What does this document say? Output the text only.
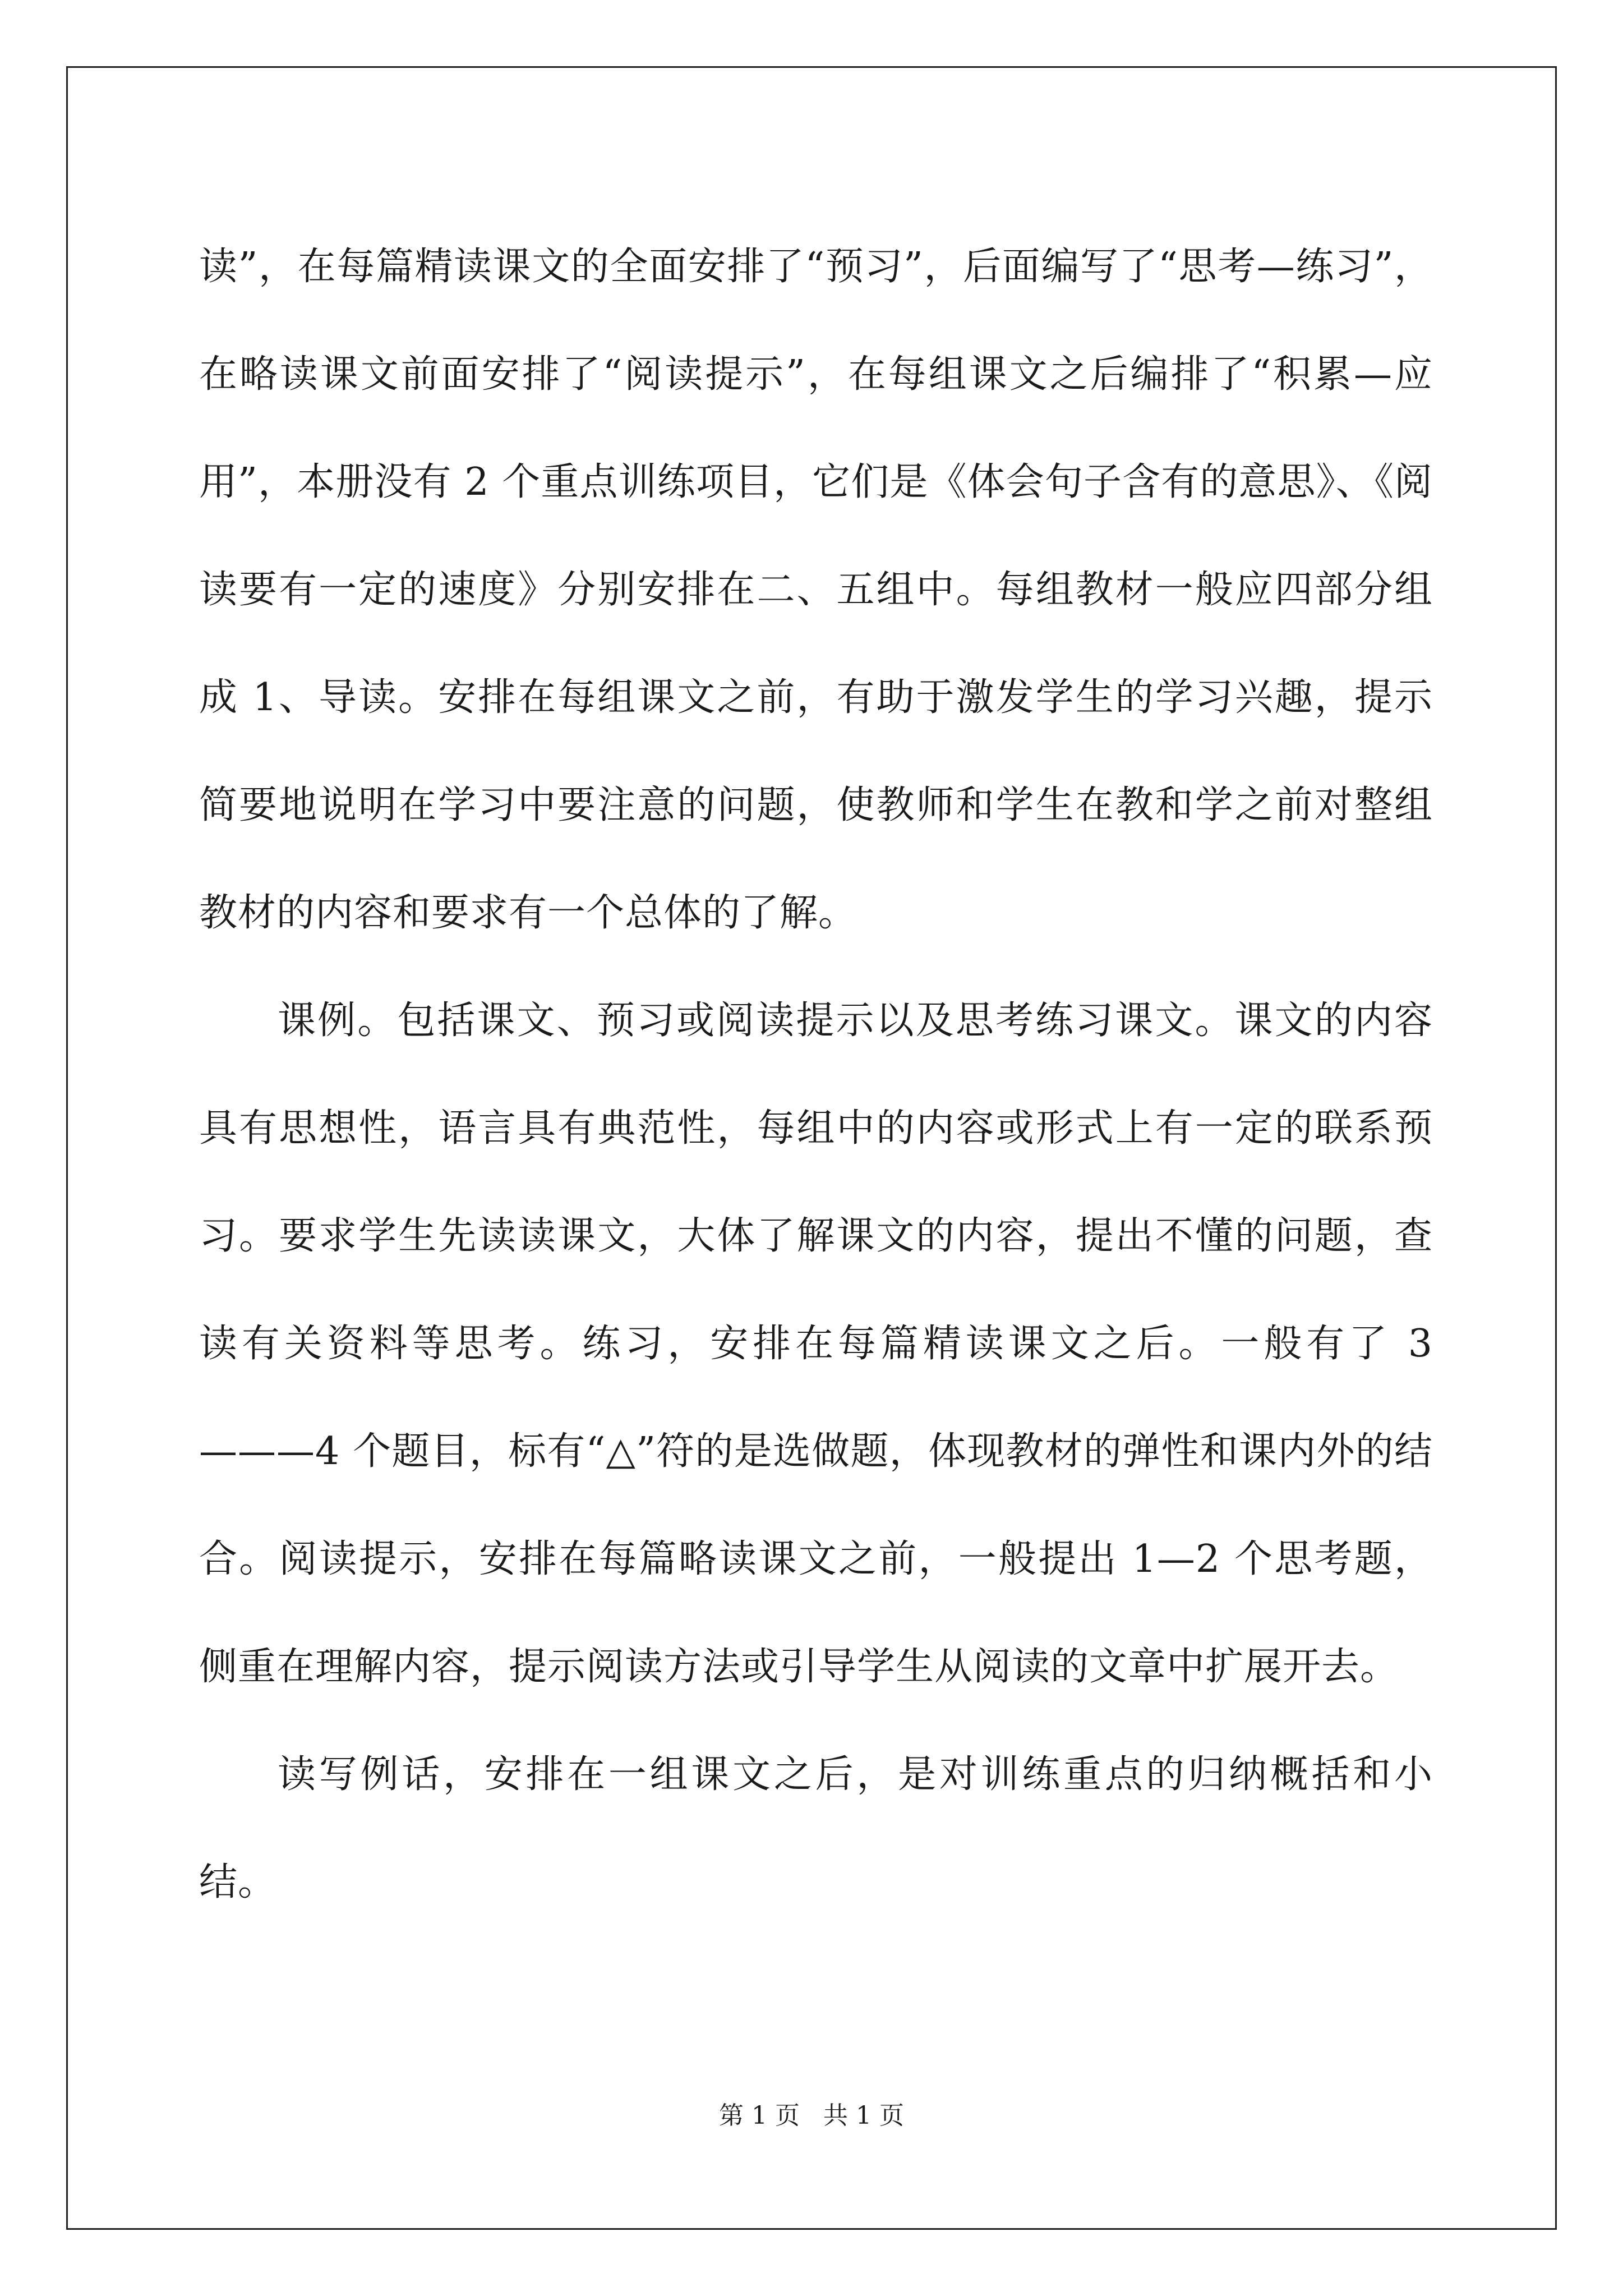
读”，在每篇精读课文的全面安排了“预习”，后面编写了“思考—练习”，在略读课文前面安排了“阅读提示”，在每组课文之后编排了“积累—应用”，本册没有 2 个重点训练项目，它们是《体会句子含有的意思》、《阅读要有一定的速度》分别安排在二、五组中。每组教材一般应四部分组成 1、导读。安排在每组课文之前，有助于激发学生的学习兴趣，提示简要地说明在学习中要注意的问题，使教师和学生在教和学之前对整组教材的内容和要求有一个总体的了解。

课例。包括课文、预习或阅读提示以及思考练习课文。课文的内容具有思想性，语言具有典范性，每组中的内容或形式上有一定的联系预习。要求学生先读读课文，大体了解课文的内容，提出不懂的问题，查读有关资料等思考。练习，安排在每篇精读课文之后。一般有了 3———4 个题目，标有“△”符的是选做题，体现教材的弹性和课内外的结合。阅读提示，安排在每篇略读课文之前，一般提出 1—2 个思考题，侧重在理解内容，提示阅读方法或引导学生从阅读的文章中扩展开去。

读写例话，安排在一组课文之后，是对训练重点的归纳概括和小结。

第 1 页   共 1 页
